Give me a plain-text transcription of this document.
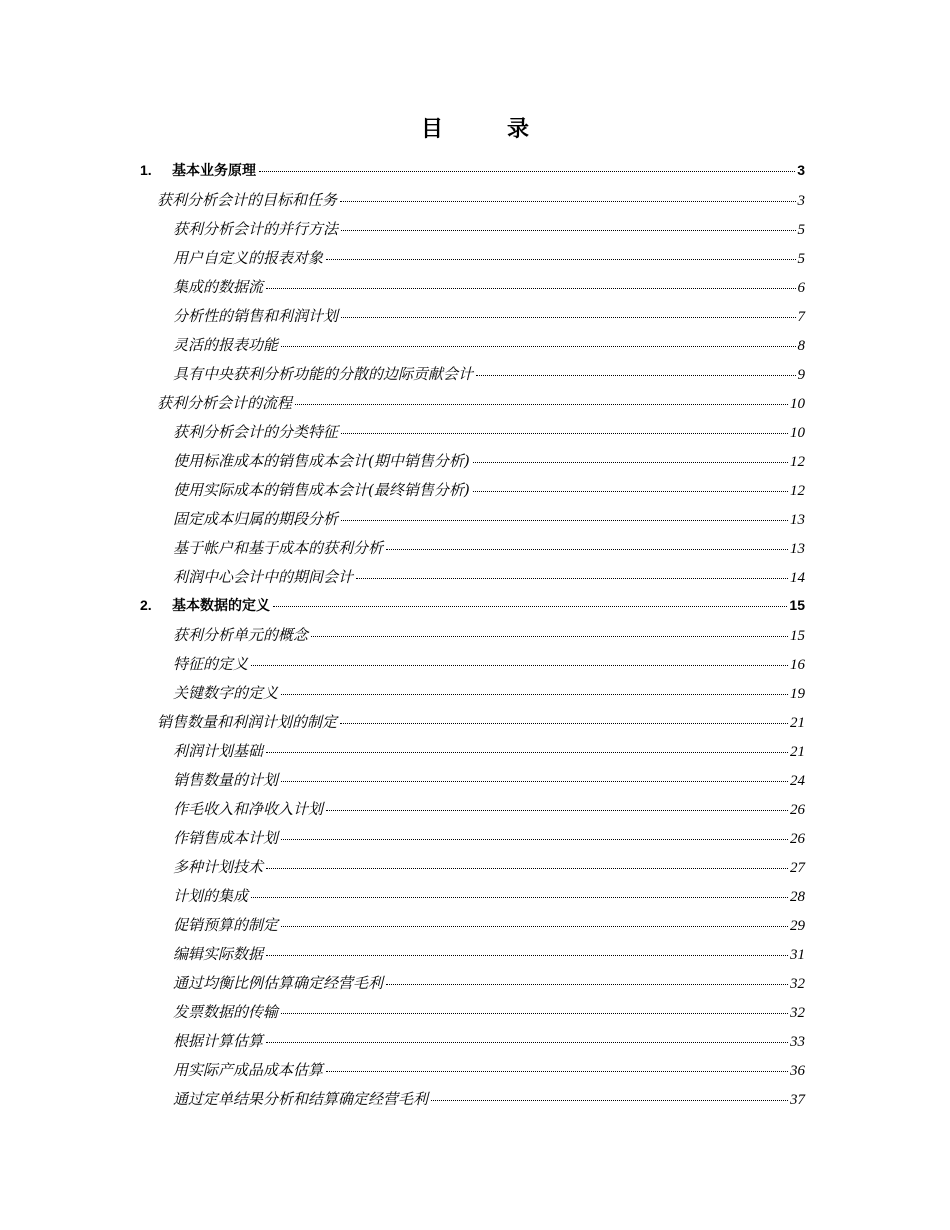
目	录
1. 基本业务原理	3
获利分析会计的目标和任务	3
获利分析会计的并行方法	5
用户自定义的报表对象	5
集成的数据流	6
分析性的销售和利润计划	7
灵活的报表功能	8
具有中央获利分析功能的分散的边际贡献会计	9
获利分析会计的流程	10
获利分析会计的分类特征	10
使用标准成本的销售成本会计(期中销售分析)	12
使用实际成本的销售成本会计(最终销售分析)	12
固定成本归属的期段分析	13
基于帐户和基于成本的获利分析	13
利润中心会计中的期间会计	14
2. 基本数据的定义	15
获利分析单元的概念	15
特征的定义	16
关键数字的定义	19
销售数量和利润计划的制定	21
利润计划基础	21
销售数量的计划	24
作毛收入和净收入计划	26
作销售成本计划	26
多种计划技术	27
计划的集成	28
促销预算的制定	29
编辑实际数据	31
通过均衡比例估算确定经营毛利	32
发票数据的传输	32
根据计算估算	33
用实际产成品成本估算	36
通过定单结果分析和结算确定经营毛利	37
